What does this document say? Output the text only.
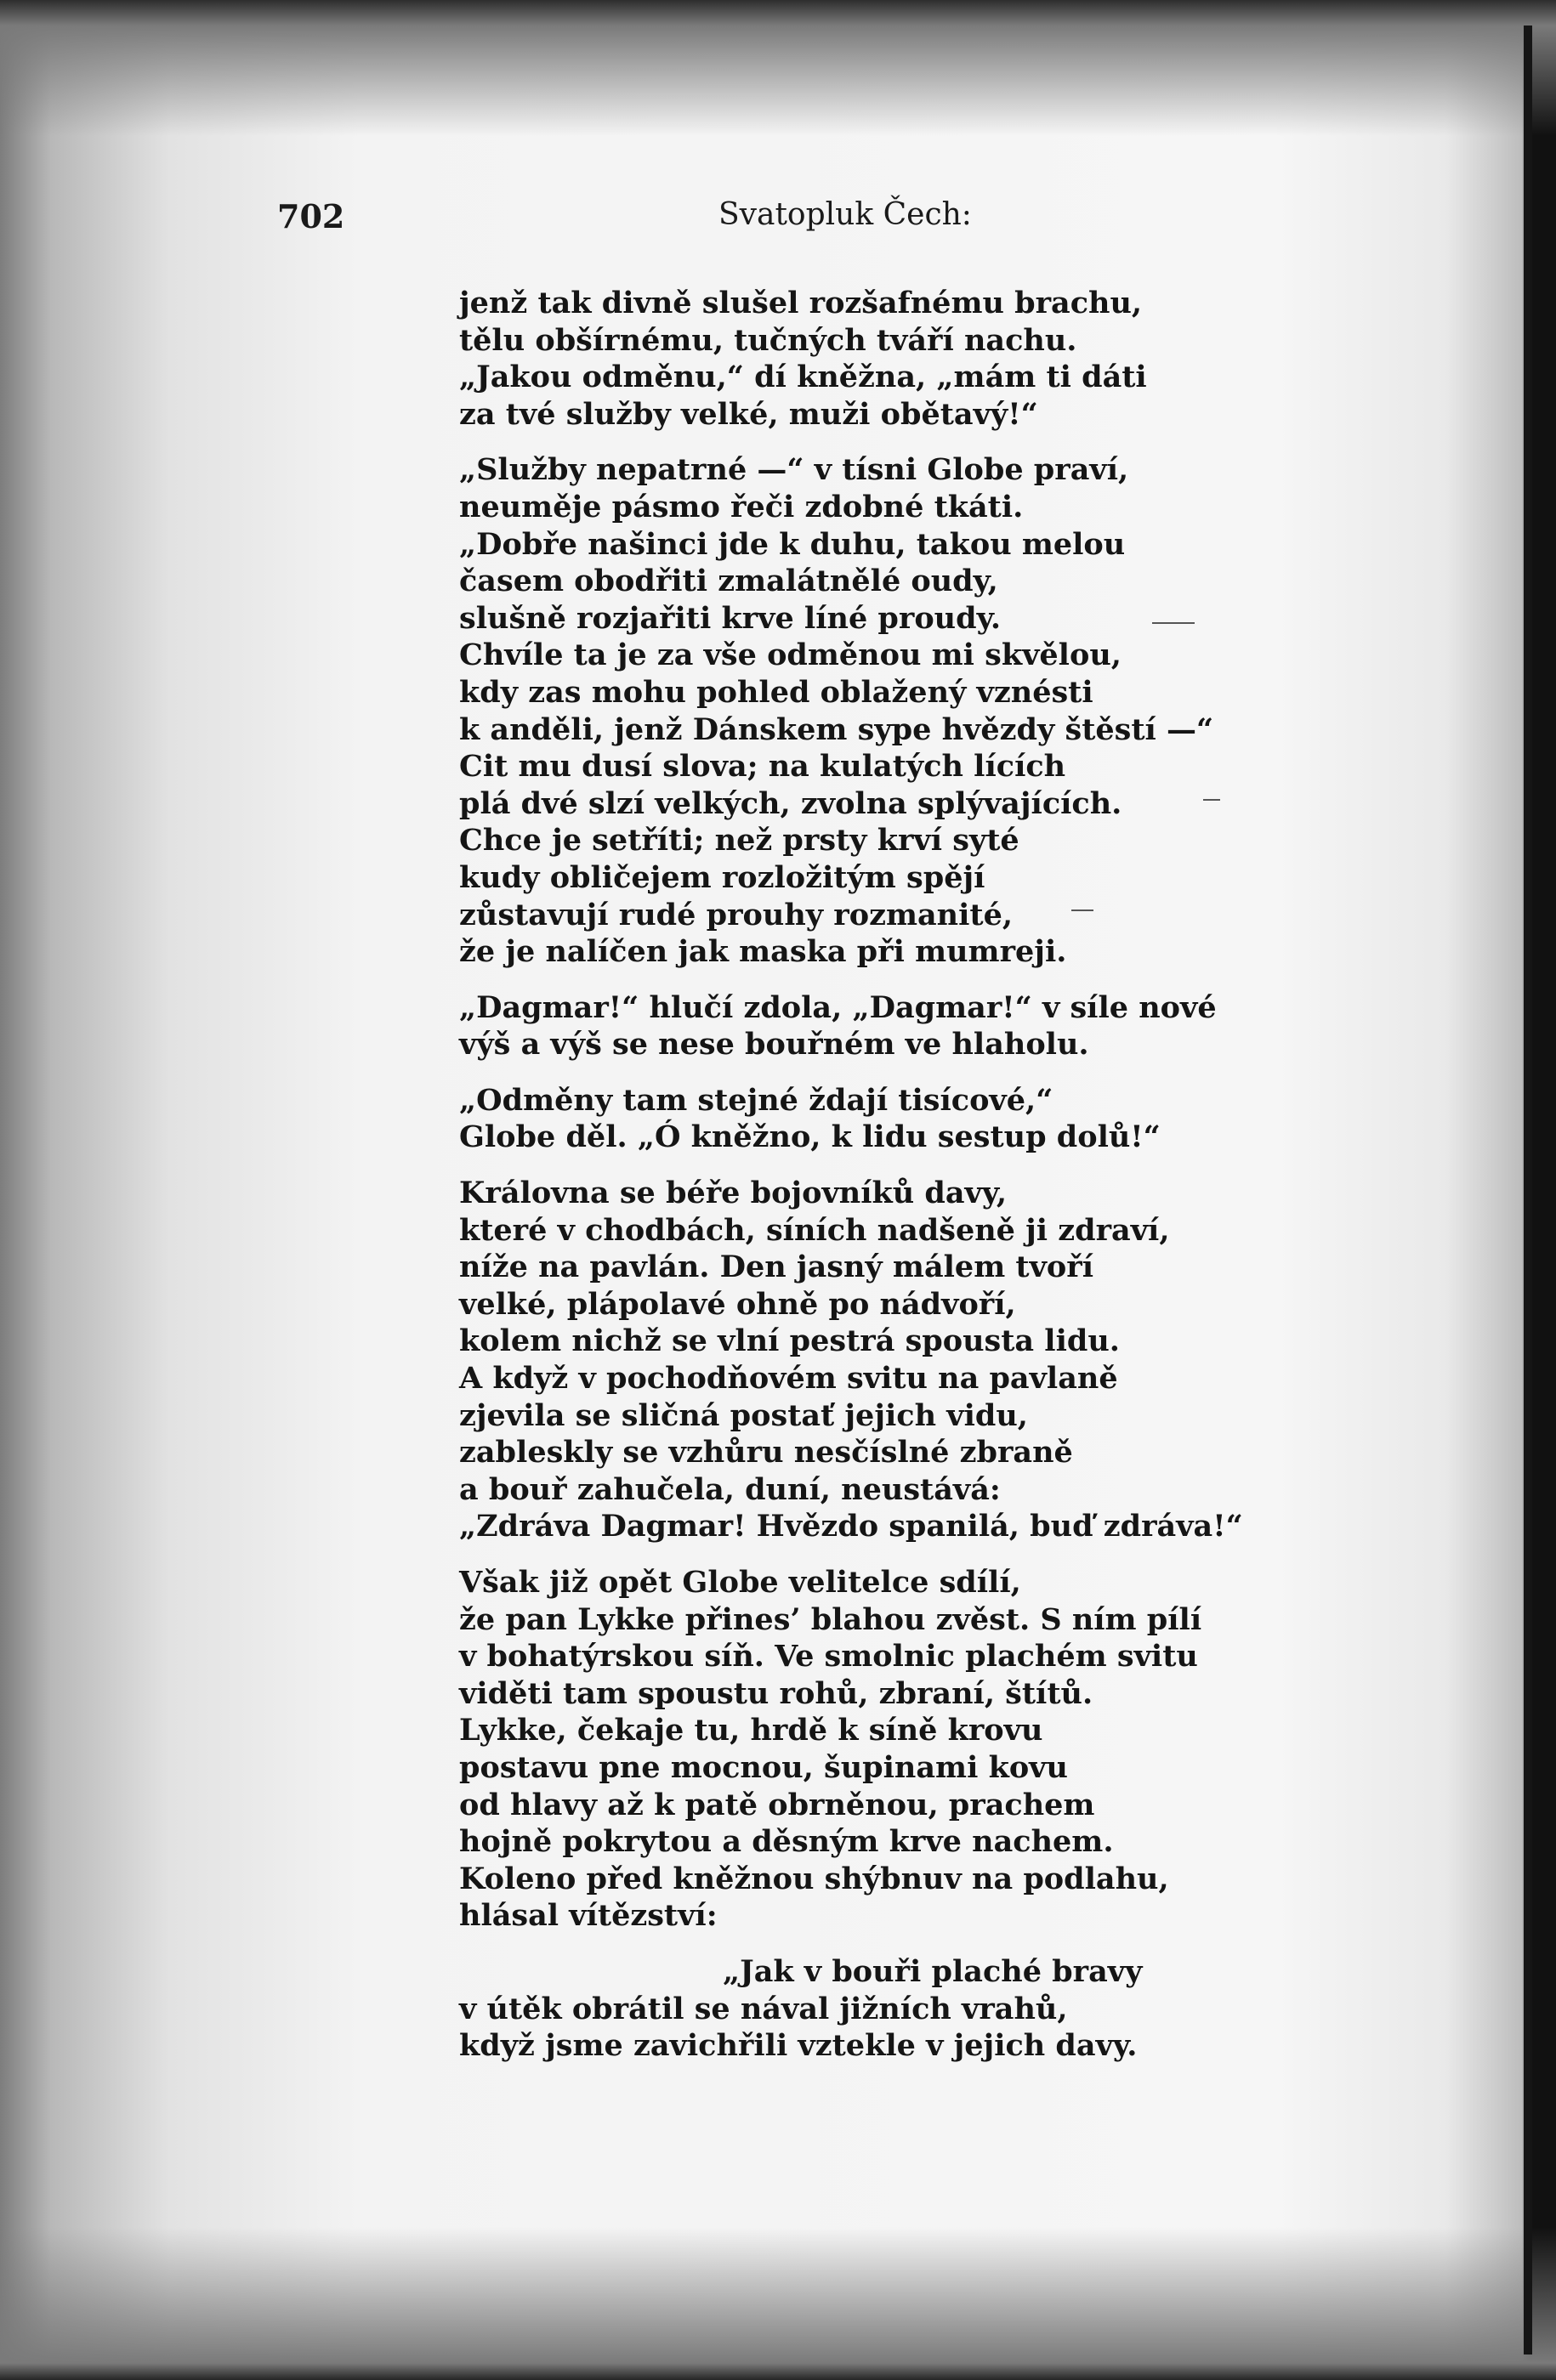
702	Svatopluk Čech:
jenž tak divně slušel rozšafnému brachu,
tělu obšírnému, tučných tváří nachu.
„Jakou odměnu,“ dí kněžna, „mám ti dáti
za tvé služby velké, muži obětavý!“
„Služby nepatrné —“ v tísni Globe praví,
neuměje pásmo řeči zdobné tkáti.
„Dobře našinci jde k duhu, takou melou
časem obodřiti zmalátnělé oudy,
slušně rozjařiti krve líné proudy.
Chvíle ta je za vše odměnou mi skvělou,
kdy zas mohu pohled oblažený vznésti
k anděli, jenž Dánskem sype hvězdy štěstí —“
Cit mu dusí slova; na kulatých lících
plá dvé slzí velkých, zvolna splývajících.
Chce je setříti; než prsty krví syté
kudy obličejem rozložitým spějí
zůstavují rudé prouhy rozmanité,
že je nalíčen jak maska při mumreji.
„Dagmar!“ hlučí zdola, „Dagmar!“ v síle nové
výš a výš se nese bouřném ve hlaholu.
„Odměny tam stejné ždají tisícové,“
Globe děl. „Ó kněžno, k lidu sestup dolů!“
Královna se béře bojovníků davy,
které v chodbách, síních nadšeně ji zdraví,
níže na pavlán. Den jasný málem tvoří
velké, plápolavé ohně po nádvoří,
kolem nichž se vlní pestrá spousta lidu.
A když v pochodňovém svitu na pavlaně
zjevila se sličná postať jejich vidu,
zableskly se vzhůru nesčíslné zbraně
a bouř zahučela, duní, neustává:
„Zdráva Dagmar! Hvězdo spanilá, buď zdráva!“
Však již opět Globe velitelce sdílí,
že pan Lykke přines’ blahou zvěst. S ním pílí
v bohatýrskou síň. Ve smolnic plachém svitu
viděti tam spoustu rohů, zbraní, štítů.
Lykke, čekaje tu, hrdě k síně krovu
postavu pne mocnou, šupinami kovu
od hlavy až k patě obrněnou, prachem
hojně pokrytou a děsným krve nachem.
Koleno před kněžnou shýbnuv na podlahu,
hlásal vítězství:
„Jak v bouři plaché bravy
v útěk obrátil se nával jižních vrahů,
když jsme zavichřili vztekle v jejich davy.
